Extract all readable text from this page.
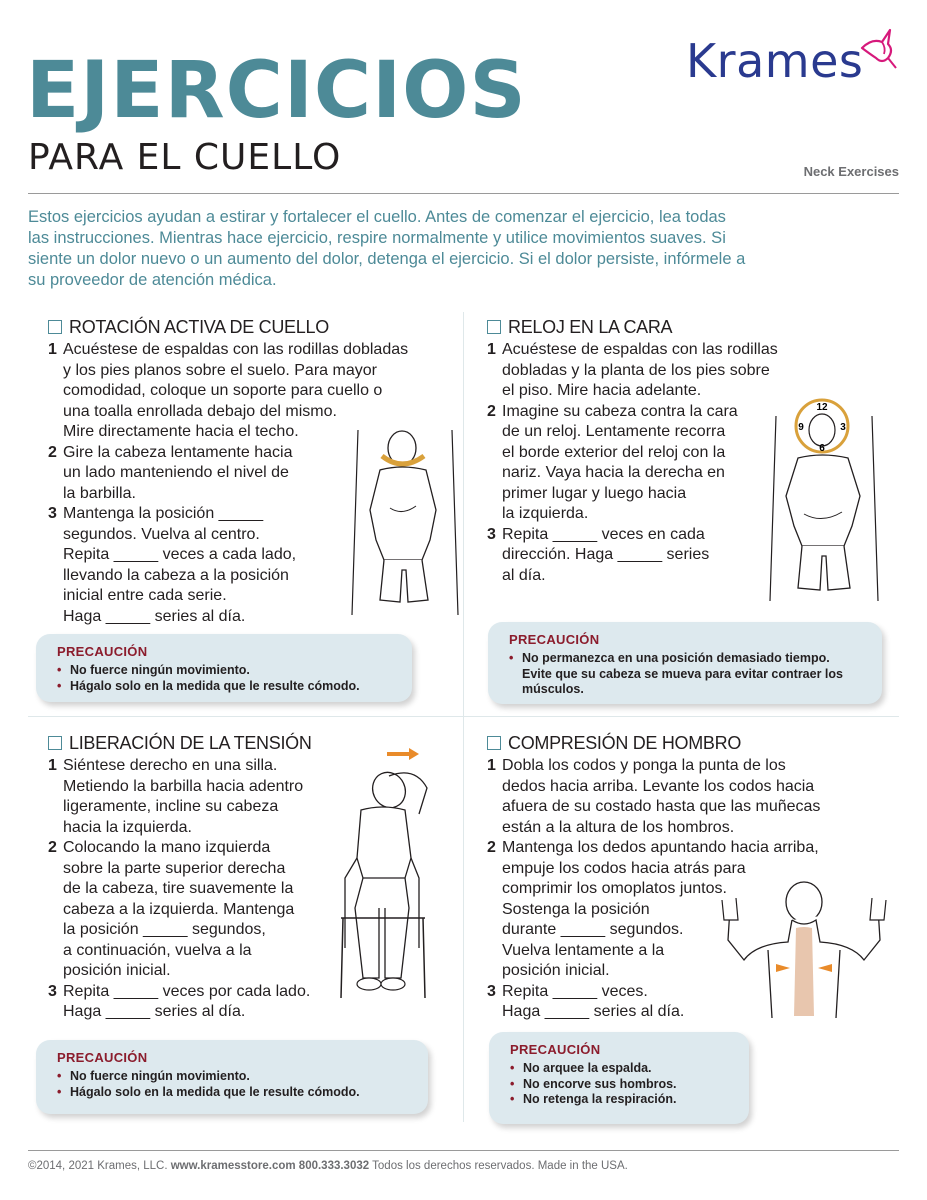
EJERCICIOS
PARA EL CUELLO
Krames
Neck Exercises
Estos ejercicios ayudan a estirar y fortalecer el cuello. Antes de comenzar el ejercicio, lea todas las instrucciones. Mientras hace ejercicio, respire normalmente y utilice movimientos suaves. Si siente un dolor nuevo o un aumento del dolor, detenga el ejercicio. Si el dolor persiste, infórmele a su proveedor de atención médica.
ROTACIÓN ACTIVA DE CUELLO
1 Acuéstese de espaldas con las rodillas dobladas
y los pies planos sobre el suelo. Para mayor
comodidad, coloque un soporte para cuello o
una toalla enrollada debajo del mismo.
Mire directamente hacia el techo.
2 Gire la cabeza lentamente hacia
un lado manteniendo el nivel de
la barbilla.
3 Mantenga la posición _____
segundos. Vuelva al centro.
Repita _____ veces a cada lado,
llevando la cabeza a la posición
inicial entre cada serie.
Haga _____ series al día.
PRECAUCIÓN
• No fuerce ningún movimiento.
• Hágalo solo en la medida que le resulte cómodo.
RELOJ EN LA CARA
1 Acuéstese de espaldas con las rodillas
dobladas y la planta de los pies sobre
el piso. Mire hacia adelante.
2 Imagine su cabeza contra la cara
de un reloj. Lentamente recorra
el borde exterior del reloj con la
nariz. Vaya hacia la derecha en
primer lugar y luego hacia
la izquierda.
3 Repita _____ veces en cada
dirección. Haga _____ series
al día.
12
3
6
9
PRECAUCIÓN
• No permanezca en una posición demasiado tiempo. Evite que su cabeza se mueva para evitar contraer los músculos.
LIBERACIÓN DE LA TENSIÓN
1 Siéntese derecho en una silla.
Metiendo la barbilla hacia adentro
ligeramente, incline su cabeza
hacia la izquierda.
2 Colocando la mano izquierda
sobre la parte superior derecha
de la cabeza, tire suavemente la
cabeza a la izquierda. Mantenga
la posición _____ segundos,
a continuación, vuelva a la
posición inicial.
3 Repita _____ veces por cada lado.
Haga _____ series al día.
PRECAUCIÓN
• No fuerce ningún movimiento.
• Hágalo solo en la medida que le resulte cómodo.
COMPRESIÓN DE HOMBRO
1 Dobla los codos y ponga la punta de los
dedos hacia arriba. Levante los codos hacia
afuera de su costado hasta que las muñecas
están a la altura de los hombros.
2 Mantenga los dedos apuntando hacia arriba,
empuje los codos hacia atrás para
comprimir los omoplatos juntos.
Sostenga la posición
durante _____ segundos.
Vuelva lentamente a la
posición inicial.
3 Repita _____ veces.
Haga _____ series al día.
PRECAUCIÓN
• No arquee la espalda.
• No encorve sus hombros.
• No retenga la respiración.
©2014, 2021 Krames, LLC. www.kramesstore.com 800.333.3032 Todos los derechos reservados. Made in the USA.
